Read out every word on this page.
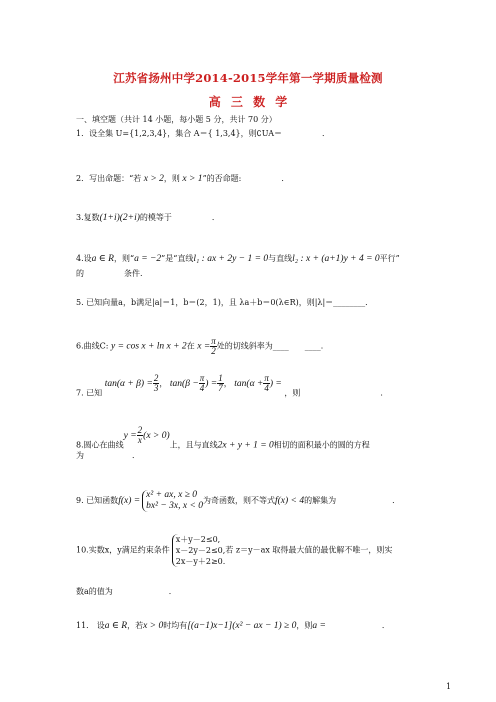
江苏省扬州中学2014-2015学年第一学期质量检测
高 三 数 学
一、填空题（共计 14 小题，每小题 5 分，共计 70 分）
1．设全集 U={1,2,3,4}，集合 A＝{ 1,3,4}，则∁UA＝　　　　　．
2．写出命题：“若 x > 2，则 x > 1”的否命题:　　　　　．
3.复数(1+i)(2+i)的模等于　　　　　．
4.设a ∈ R，则“a = −2”是“直线l₁ : ax + 2y − 1 = 0与直线l₂ : x + (a+1)y + 4 = 0平行”
的　　　　　条件.
5. 已知向量a，b满足|a|＝1，b＝(2，1)，且 λa＋b＝0(λ∈R)，则|λ|＝________．
6.曲线C: y = cos x + ln x + 2在 $x = \frac{\pi}{2}$ 处的切线斜率为____　　____．
7. 已知 $\tan(\alpha + \beta) = \frac{2}{3}$ ， $\tan(\beta - \frac{\pi}{4}$ ) = $\frac{1}{7}$ ， $\tan(\alpha + \frac{\pi}{4}$ ) = ，则　　　　　　　　　　．
8.圆心在曲线$y = \frac{2}{x} (x > 0)$上，且与直线2x + y + 1 = 0相切的面积最小的圆的方程
为　　　　　　．
9. 已知函数f(x) =
x² + ax, x ≥ 0
bx² − 3x, x < 0
为奇函数，则不等式f(x) < 4的解集为　　　　　　　．
10.实数x，y满足约束条件
x＋y－2≤0,
x－2y－2≤0,
2x－y＋2≥0.
若 z＝y－ax 取得最大值的最优解不唯一，则实
数a的值为　　　　　　　．
11． 设a ∈ R，若x > 0时均有[(a−1)x−1](x² − ax − 1) ≥ 0，则a =　　　　　　　．
1
